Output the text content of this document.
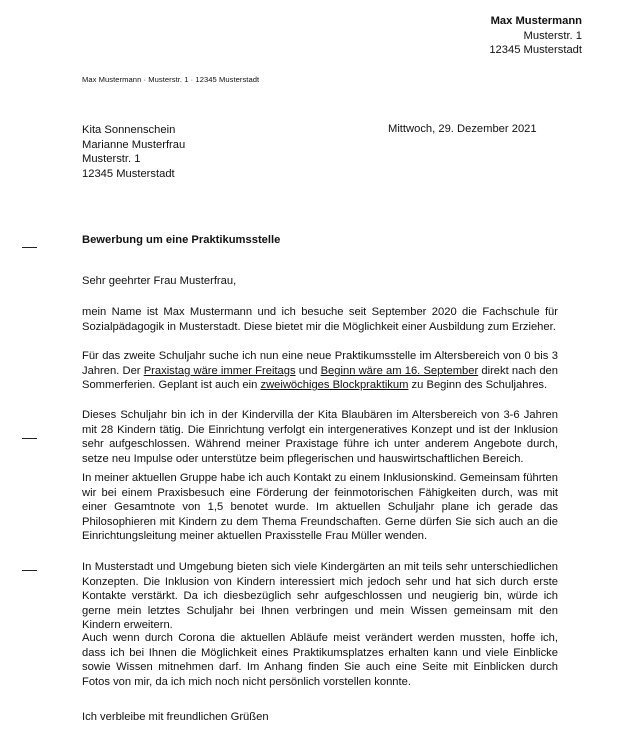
Max Mustermann
Musterstr. 1
12345 Musterstadt
Max Mustermann · Musterstr. 1 · 12345 Musterstadt
Kita Sonnenschein
Marianne Musterfrau
Musterstr. 1
12345 Musterstadt
Mittwoch, 29. Dezember 2021
Bewerbung um eine Praktikumsstelle
Sehr geehrter Frau Musterfrau,
mein Name ist Max Mustermann und ich besuche seit September 2020 die Fachschule für Sozialpädagogik in Musterstadt. Diese bietet mir die Möglichkeit einer Ausbildung zum Erzieher.
Für das zweite Schuljahr suche ich nun eine neue Praktikumsstelle im Altersbereich von 0 bis 3 Jahren. Der Praxistag wäre immer Freitags und Beginn wäre am 16. September direkt nach den Sommerferien. Geplant ist auch ein zweiwöchiges Blockpraktikum zu Beginn des Schuljahres.
Dieses Schuljahr bin ich in der Kindervilla der Kita Blaubären im Altersbereich von 3-6 Jahren mit 28 Kindern tätig. Die Einrichtung verfolgt ein intergeneratives Konzept und ist der Inklusion sehr aufgeschlossen. Während meiner Praxistage führe ich unter anderem Angebote durch, setze neu Impulse oder unterstütze beim pflegerischen und hauswirtschaftlichen Bereich.
In meiner aktuellen Gruppe habe ich auch Kontakt zu einem Inklusionskind. Gemeinsam führten wir bei einem Praxisbesuch eine Förderung der feinmotorischen Fähigkeiten durch, was mit einer Gesamtnote von 1,5 benotet wurde. Im aktuellen Schuljahr plane ich gerade das Philosophieren mit Kindern zu dem Thema Freundschaften. Gerne dürfen Sie sich auch an die Einrichtungsleitung meiner aktuellen Praxisstelle Frau Müller wenden.
In Musterstadt und Umgebung bieten sich viele Kindergärten an mit teils sehr unterschiedlichen Konzepten. Die Inklusion von Kindern interessiert mich jedoch sehr und hat sich durch erste Kontakte verstärkt. Da ich diesbezüglich sehr aufgeschlossen und neugierig bin, würde ich gerne mein letztes Schuljahr bei Ihnen verbringen und mein Wissen gemeinsam mit den Kindern erweitern.
Auch wenn durch Corona die aktuellen Abläufe meist verändert werden mussten, hoffe ich, dass ich bei Ihnen die Möglichkeit eines Praktikumsplatzes erhalten kann und viele Einblicke sowie Wissen mitnehmen darf. Im Anhang finden Sie auch eine Seite mit Einblicken durch Fotos von mir, da ich mich noch nicht persönlich vorstellen konnte.
Ich verbleibe mit freundlichen Grüßen
